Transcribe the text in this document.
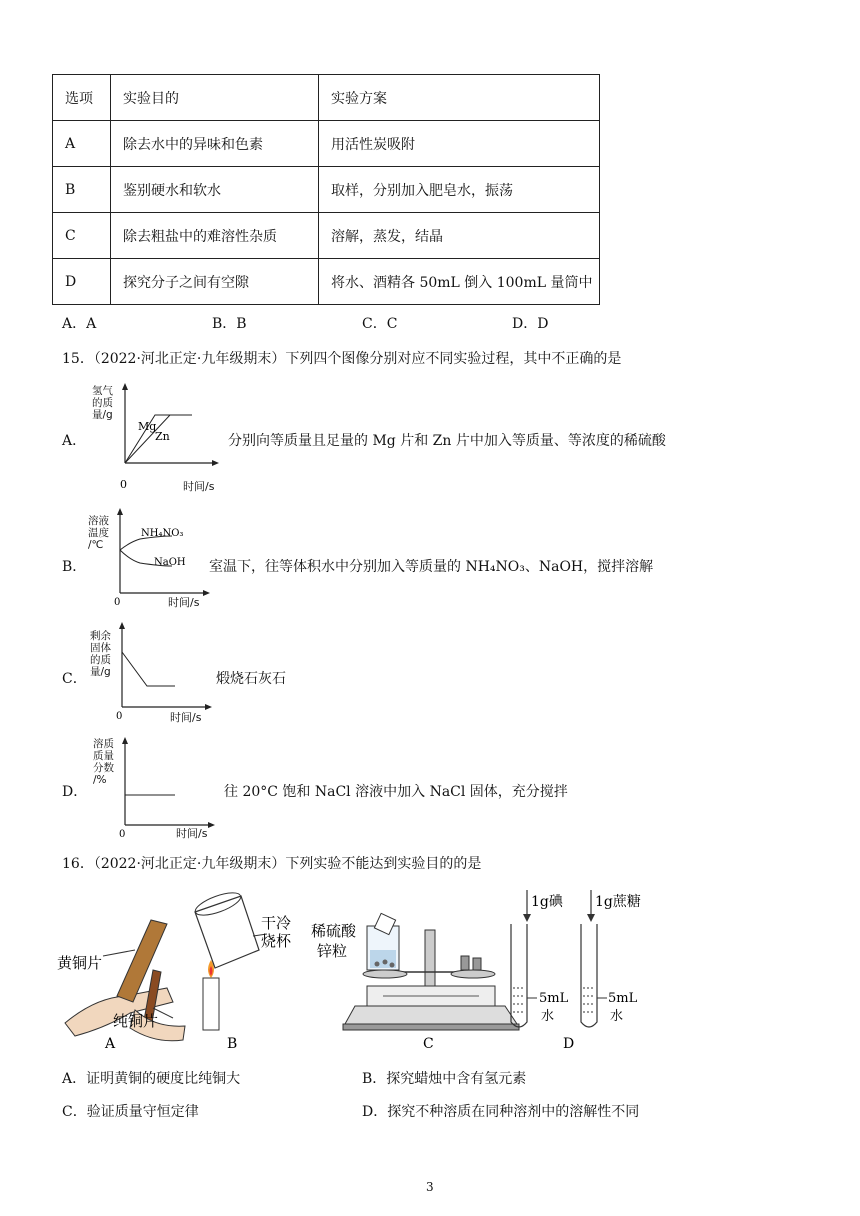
选项	实验目的	实验方案
A	除去水中的异味和色素	用活性炭吸附
B	鉴别硬水和软水	取样，分别加入肥皂水，振荡
C	除去粗盐中的难溶性杂质	溶解，蒸发，结晶
D	探究分子之间有空隙	将水、酒精各 50mL 倒入 100mL 量筒中
A．A	B．B	C．C	D．D
15．（2022·河北正定·九年级期末）下列四个图像分别对应不同实验过程，其中不正确的是
A．
氢气
的质
量/g
Mg
Zn
0	时间/s
分别向等质量且足量的 Mg 片和 Zn 片中加入等质量、等浓度的稀硫酸
B．
溶液
温度
/℃
NH₄NO₃
NaOH
0	时间/s
室温下，往等体积水中分别加入等质量的 NH₄NO₃、NaOH，搅拌溶解
C．
剩余
固体
的质
量/g
0	时间/s
煅烧石灰石
D．
溶质
质量
分数
/%
0	时间/s
往 20°C 饱和 NaCl 溶液中加入 NaCl 固体，充分搅拌
16．（2022·河北正定·九年级期末）下列实验不能达到实验目的的是
黄铜片
纯铜片
A
干冷
烧杯
B
稀硫酸
锌粒
C
1g碘 1g蔗糖
5mL
水
5mL
水
D
A．证明黄铜的硬度比纯铜大	B．探究蜡烛中含有氢元素
C．验证质量守恒定律	D．探究不种溶质在同种溶剂中的溶解性不同
3
